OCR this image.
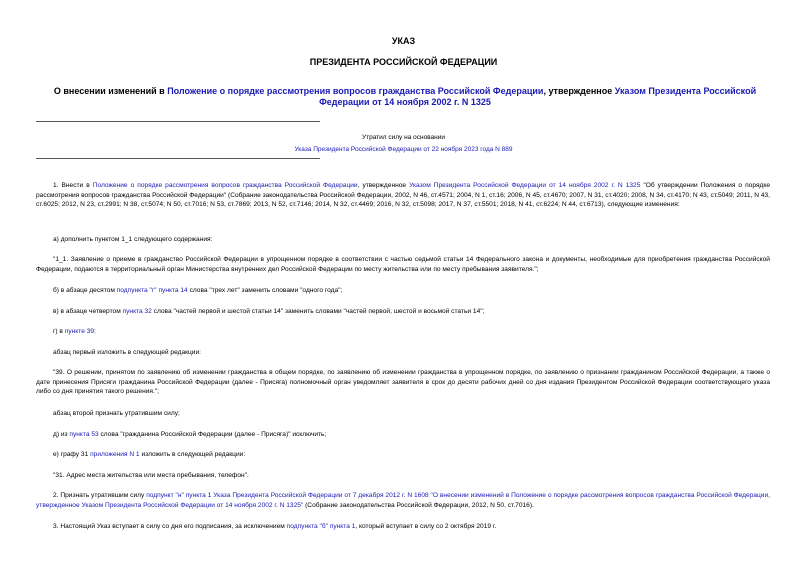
УКАЗ
ПРЕЗИДЕНТА РОССИЙСКОЙ ФЕДЕРАЦИИ
О внесении изменений в Положение о порядке рассмотрения вопросов гражданства Российской Федерации, утвержденное Указом Президента Российской Федерации от 14 ноября 2002 г. N 1325
Утратил силу на основании
Указа Президента Российской Федерации от 22 ноября 2023 года N 889
1. Внести в Положение о порядке рассмотрения вопросов гражданства Российской Федерации, утвержденное Указом Президента Российской Федерации от 14 ноября 2002 г. N 1325 "Об утверждении Положения о порядке рассмотрения вопросов гражданства Российской Федерации" (Собрание законодательства Российской Федерации, 2002, N 46, ст.4571; 2004, N 1, ст.16; 2006, N 45, ст.4670; 2007, N 31, ст.4020; 2008, N 34, ст.4170; N 43, ст.5049; 2011, N 43, ст.6025; 2012, N 23, ст.2991; N 38, ст.5074; N 50, ст.7016; N 53, ст.7869; 2013, N 52, ст.7146; 2014, N 32, ст.4469; 2016, N 32, ст.5098; 2017, N 37, ст.5501; 2018, N 41, ст.6224; N 44, ст.6713), следующие изменения:
а) дополнить пунктом 1_1 следующего содержания:
"1_1. Заявление о приеме в гражданство Российской Федерации в упрощенном порядке в соответствии с частью седьмой статьи 14 Федерального закона и документы, необходимые для приобретения гражданства Российской Федерации, подаются в территориальный орган Министерства внутренних дел Российской Федерации по месту жительства или по месту пребывания заявителя.";
б) в абзаце десятом подпункта "г" пункта 14 слова "трех лет" заменить словами "одного года";
в) в абзаце четвертом пункта 32 слова "частей первой и шестой статьи 14" заменить словами "частей первой, шестой и восьмой статьи 14";
г) в пункте 39:
абзац первый изложить в следующей редакции:
"39. О решении, принятом по заявлению об изменении гражданства в общем порядке, по заявлению об изменении гражданства в упрощенном порядке, по заявлению о признании гражданином Российской Федерации, а также о дате принесения Присяги гражданина Российской Федерации (далее - Присяга) полномочный орган уведомляет заявителя в срок до десяти рабочих дней со дня издания Президентом Российской Федерации соответствующего указа либо со дня принятия такого решения.";
абзац второй признать утратившим силу;
д) из пункта 53 слова "гражданина Российской Федерации (далее - Присяга)" исключить;
е) графу 31 приложения N 1 изложить в следующей редакции:
"31. Адрес места жительства или места пребывания, телефон".
2. Признать утратившим силу подпункт "н" пункта 1 Указа Президента Российской Федерации от 7 декабря 2012 г. N 1608 "О внесении изменений в Положение о порядке рассмотрения вопросов гражданства Российской Федерации, утвержденное Указом Президента Российской Федерации от 14 ноября 2002 г. N 1325" (Собрание законодательства Российской Федерации, 2012, N 50, ст.7016).
3. Настоящий Указ вступает в силу со дня его подписания, за исключением подпункта "б" пункта 1, который вступает в силу со 2 октября 2019 г.
